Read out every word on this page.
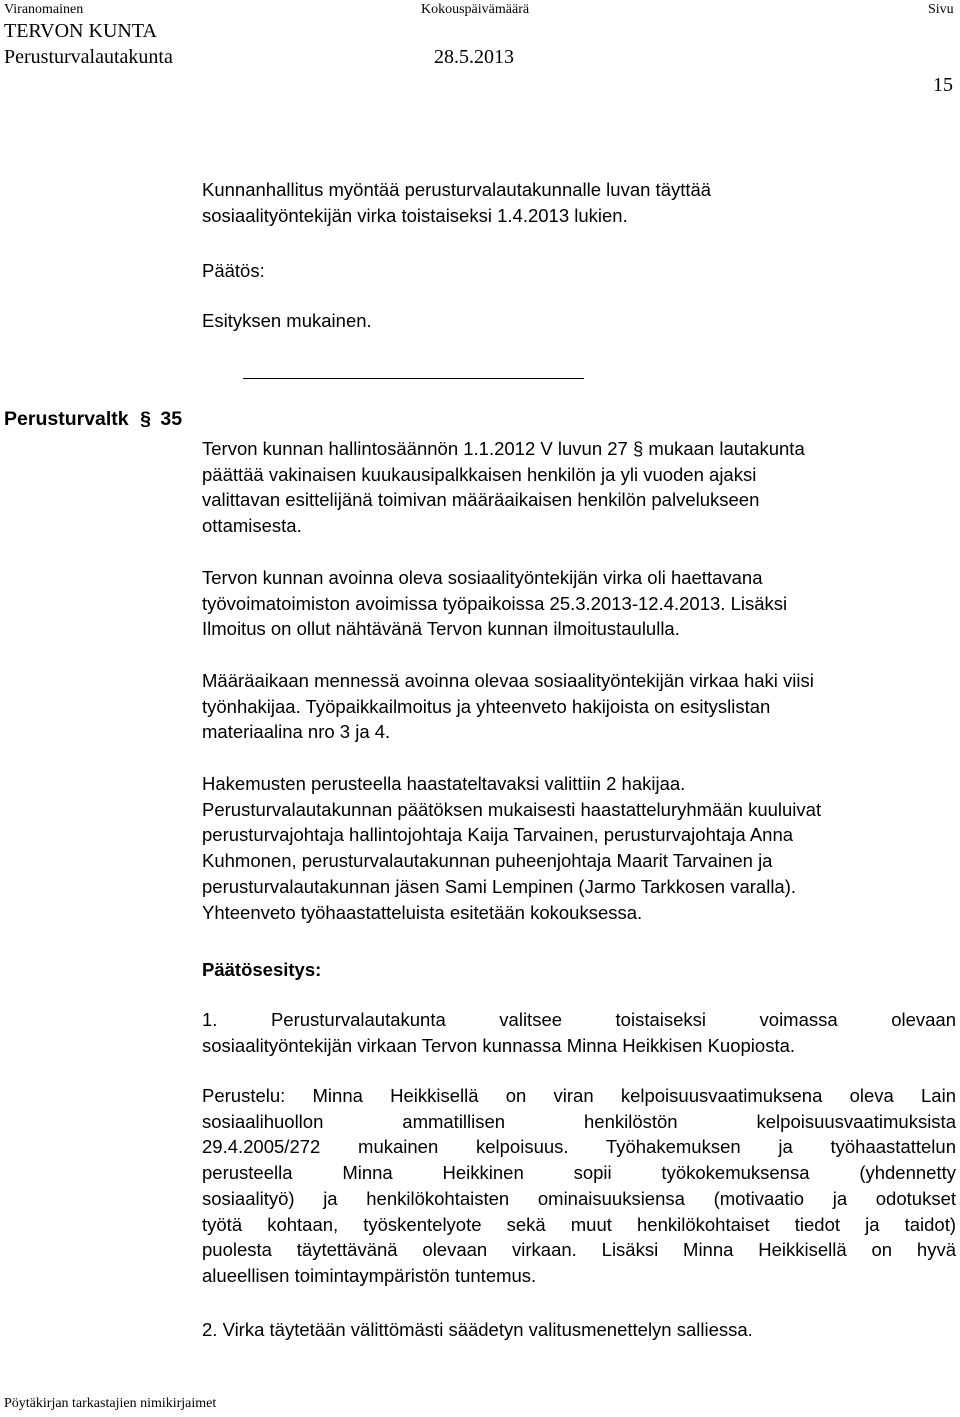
Viranomainen
TERVON KUNTA
Perusturvalautakunta
Kokouspäivämäärä
28.5.2013
Sivu
15
Kunnanhallitus myöntää perusturvalautakunnalle luvan täyttää
sosiaalityöntekijän virka toistaiseksi 1.4.2013 lukien.
Päätös:
Esityksen mukainen.
Perusturvaltk § 35
Tervon kunnan hallintosäännön 1.1.2012 V luvun 27 § mukaan lautakunta
päättää vakinaisen kuukausipalkkaisen henkilön ja yli vuoden ajaksi
valittavan esittelijänä toimivan määräaikaisen henkilön palvelukseen
ottamisesta.
Tervon kunnan avoinna oleva sosiaalityöntekijän virka oli haettavana
työvoimatoimiston avoimissa työpaikoissa 25.3.2013-12.4.2013. Lisäksi
Ilmoitus on ollut nähtävänä Tervon kunnan ilmoitustaululla.
Määräaikaan mennessä avoinna olevaa sosiaalityöntekijän virkaa haki viisi
työnhakijaa. Työpaikkailmoitus ja yhteenveto hakijoista on esityslistan
materiaalina nro 3 ja 4.
Hakemusten perusteella haastateltavaksi valittiin 2 hakijaa.
Perusturvalautakunnan päätöksen mukaisesti haastatteluryhmään kuuluivat
perusturvajohtaja hallintojohtaja Kaija Tarvainen, perusturvajohtaja Anna
Kuhmonen, perusturvalautakunnan puheenjohtaja Maarit Tarvainen ja
perusturvalautakunnan jäsen Sami Lempinen (Jarmo Tarkkosen varalla).
Yhteenveto työhaastatteluista esitetään kokouksessa.
Päätösesitys:
1. Perusturvalautakunta valitsee toistaiseksi voimassa olevaan
sosiaalityöntekijän virkaan Tervon kunnassa Minna Heikkisen Kuopiosta.
Perustelu: Minna Heikkisellä on viran kelpoisuusvaatimuksena oleva Lain
sosiaalihuollon ammatillisen henkilöstön kelpoisuusvaatimuksista
29.4.2005/272 mukainen kelpoisuus. Työhakemuksen ja työhaastattelun
perusteella Minna Heikkinen sopii työkokemuksensa (yhdennetty
sosiaalityö) ja henkilökohtaisten ominaisuuksiensa (motivaatio ja odotukset
työtä kohtaan, työskentelyote sekä muut henkilökohtaiset tiedot ja taidot)
puolesta täytettävänä olevaan virkaan. Lisäksi Minna Heikkisellä on hyvä
alueellisen toimintaympäristön tuntemus.
2. Virka täytetään välittömästi säädetyn valitusmenettelyn salliessa.
Pöytäkirjan tarkastajien nimikirjaimet
